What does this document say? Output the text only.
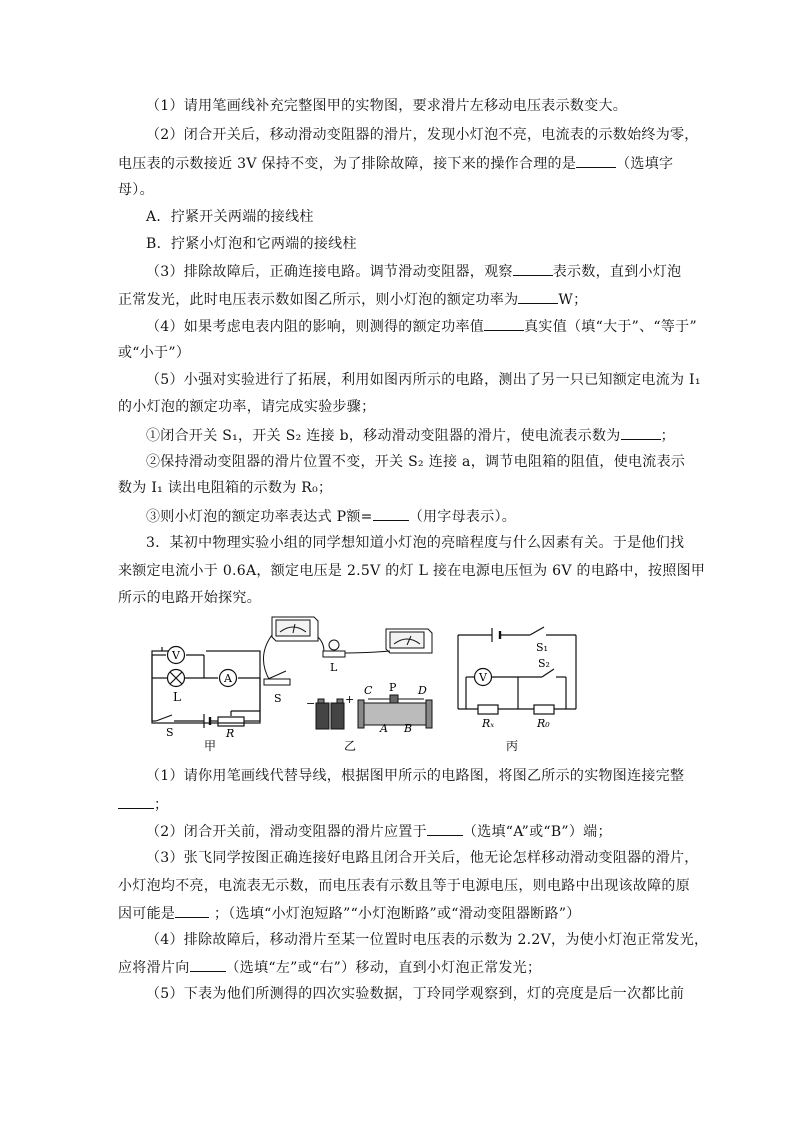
（1）请用笔画线补充完整图甲的实物图，要求滑片左移动电压表示数变大。
（2）闭合开关后，移动滑动变阻器的滑片，发现小灯泡不亮，电流表的示数始终为零，
电压表的示数接近 3V 保持不变，为了排除故障，接下来的操作合理的是	（选填字
母）。
A．拧紧开关两端的接线柱
B．拧紧小灯泡和它两端的接线柱
（3）排除故障后，正确连接电路。调节滑动变阻器，观察	表示数，直到小灯泡
正常发光，此时电压表示数如图乙所示，则小灯泡的额定功率为	W；
（4）如果考虑电表内阻的影响，则测得的额定功率值	真实值（填“大于”、“等于”
或“小于”）
（5）小强对实验进行了拓展，利用如图丙所示的电路，测出了另一只已知额定电流为 I₁
的小灯泡的额定功率，请完成实验步骤；
①闭合开关 S₁，开关 S₂ 连接 b，移动滑动变阻器的滑片，使电流表示数为	；
②保持滑动变阻器的滑片位置不变，开关 S₂ 连接 a，调节电阻箱的阻值，使电流表示
数为 I₁ 读出电阻箱的示数为 R₀；
③则小灯泡的额定功率表达式 P额=	（用字母表示）。
3．某初中物理实验小组的同学想知道小灯泡的亮暗程度与什么因素有关。于是他们找
来额定电流小于 0.6A，额定电压是 2.5V 的灯 L 接在电源电压恒为 6V 的电路中，按照图甲
所示的电路开始探究。
V
L
A
S	R
甲
L
S	+
−
C P D
A B
乙
S₁
V
S₂
Rₓ	R₀
丙
（1）请你用笔画线代替导线，根据图甲所示的电路图，将图乙所示的实物图连接完整
；
（2）闭合开关前，滑动变阻器的滑片应置于	（选填“A”或“B”）端；
（3）张飞同学按图正确连接好电路且闭合开关后，他无论怎样移动滑动变阻器的滑片，
小灯泡均不亮，电流表无示数，而电压表有示数且等于电源电压，则电路中出现该故障的原
因可能是 ；（选填“小灯泡短路”“小灯泡断路”或“滑动变阻器断路”）
（4）排除故障后，移动滑片至某一位置时电压表的示数为 2.2V，为使小灯泡正常发光，
应将滑片向	（选填“左”或“右”）移动，直到小灯泡正常发光；
（5）下表为他们所测得的四次实验数据，丁玲同学观察到，灯的亮度是后一次都比前
